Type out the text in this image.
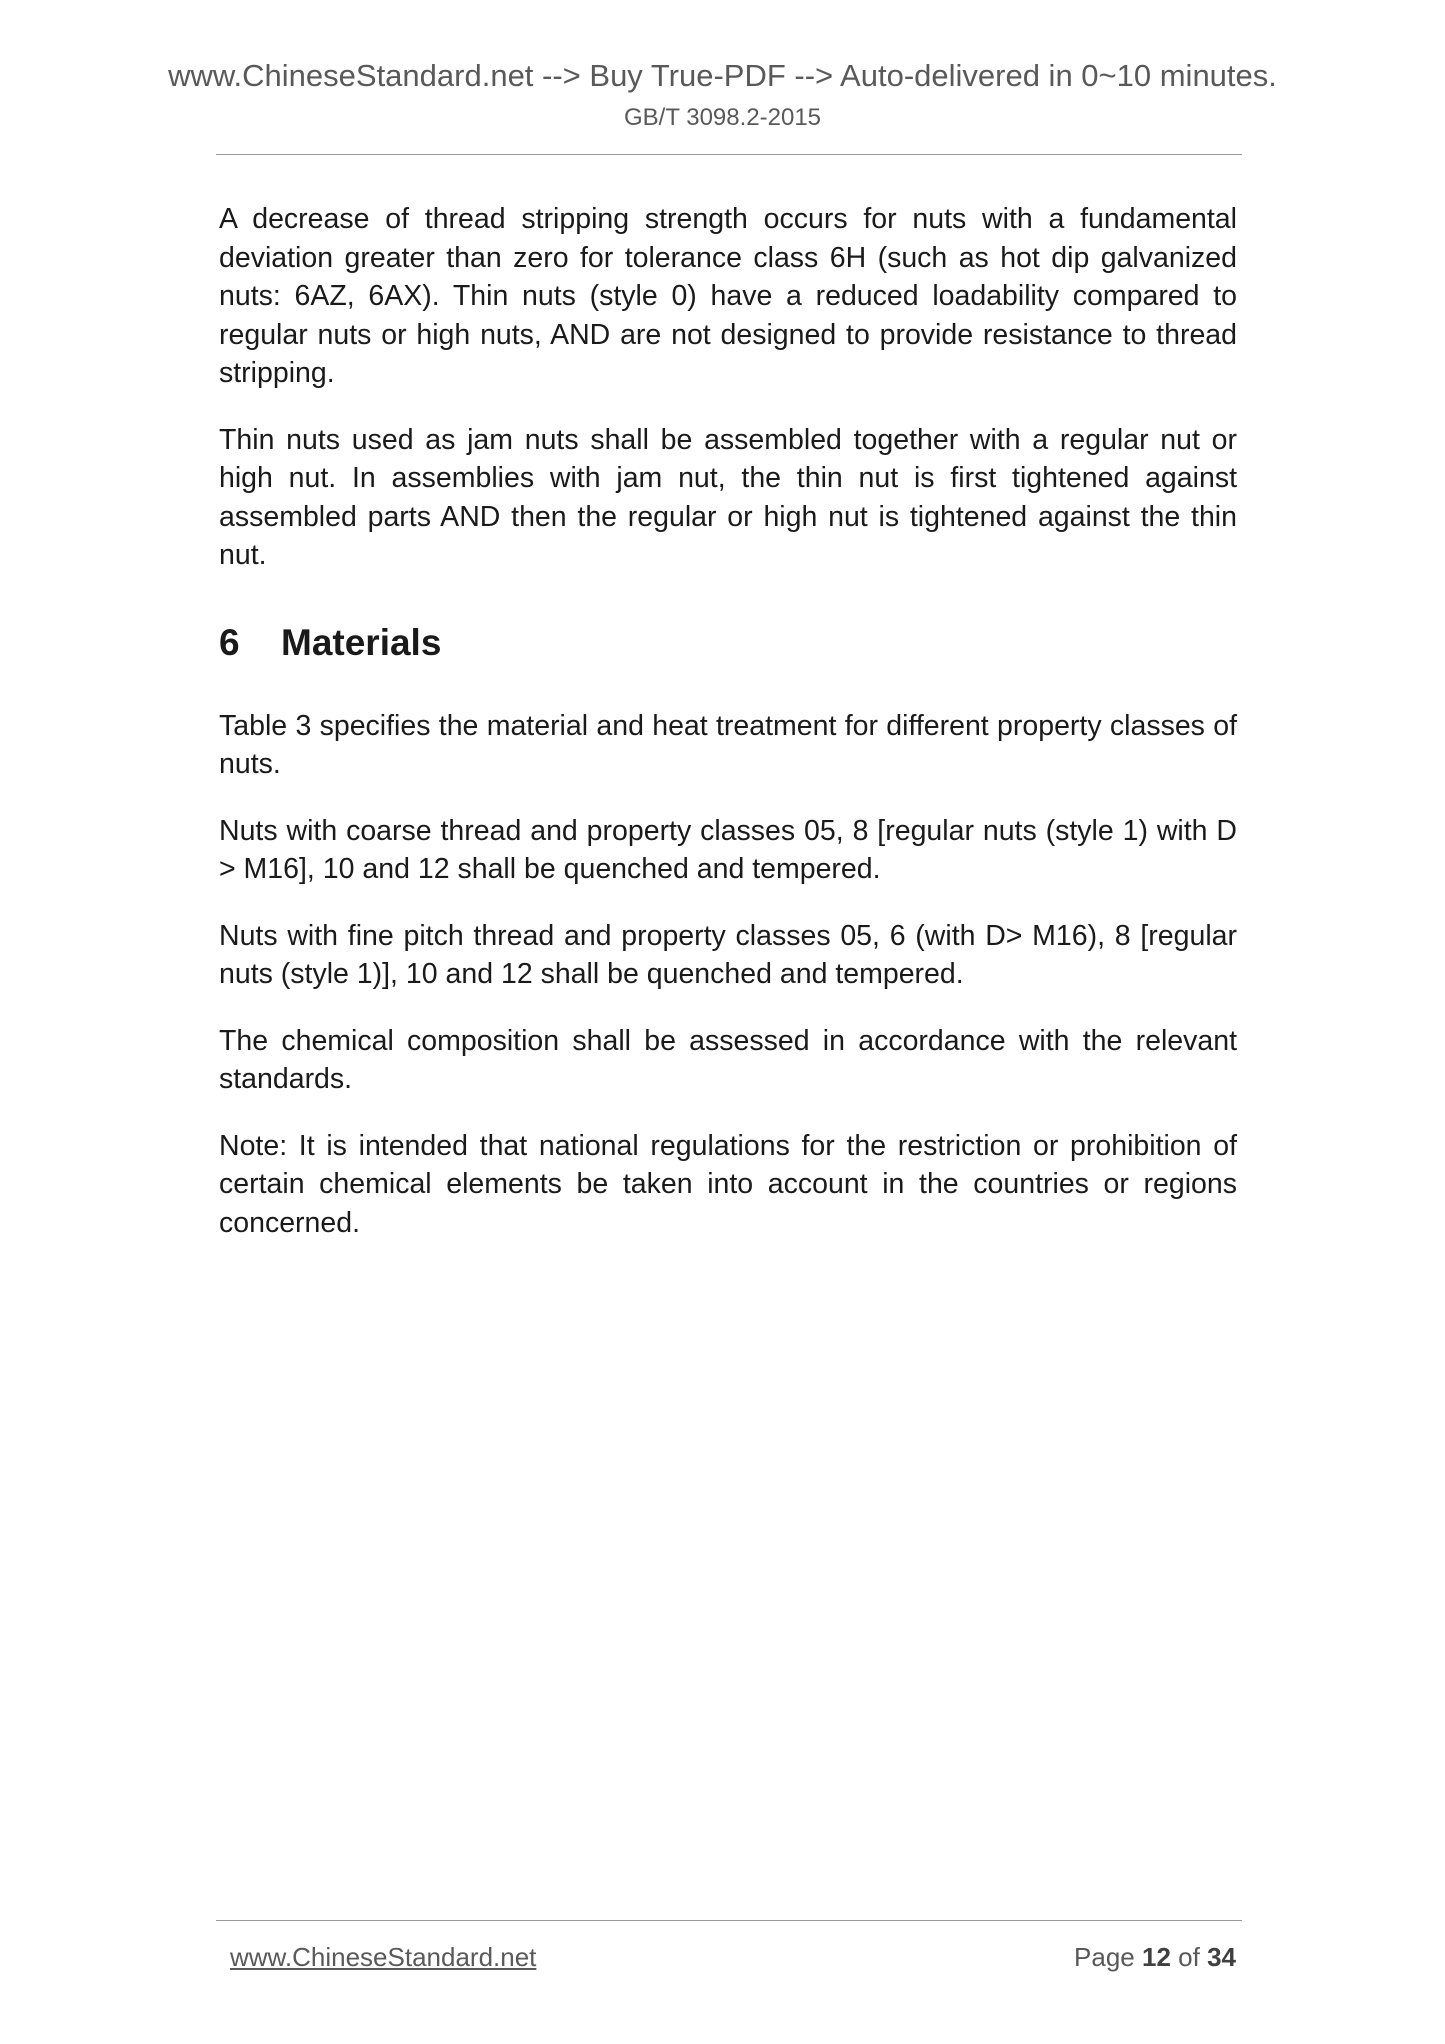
www.ChineseStandard.net --> Buy True-PDF --> Auto-delivered in 0~10 minutes.
GB/T 3098.2-2015

A decrease of thread stripping strength occurs for nuts with a fundamental deviation greater than zero for tolerance class 6H (such as hot dip galvanized nuts: 6AZ, 6AX). Thin nuts (style 0) have a reduced loadability compared to regular nuts or high nuts, AND are not designed to provide resistance to thread stripping.

Thin nuts used as jam nuts shall be assembled together with a regular nut or high nut. In assemblies with jam nut, the thin nut is first tightened against assembled parts AND then the regular or high nut is tightened against the thin nut.

6 Materials

Table 3 specifies the material and heat treatment for different property classes of nuts.

Nuts with coarse thread and property classes 05, 8 [regular nuts (style 1) with D > M16], 10 and 12 shall be quenched and tempered.

Nuts with fine pitch thread and property classes 05, 6 (with D> M16), 8 [regular nuts (style 1)], 10 and 12 shall be quenched and tempered.

The chemical composition shall be assessed in accordance with the relevant standards.

Note: It is intended that national regulations for the restriction or prohibition of certain chemical elements be taken into account in the countries or regions concerned.

www.ChineseStandard.net	Page 12 of 34
